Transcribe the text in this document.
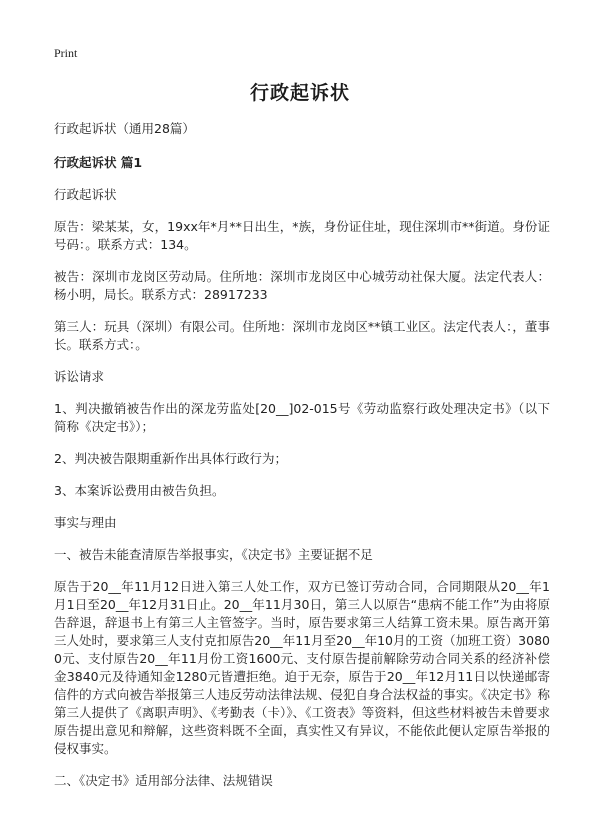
Print
行政起诉状

行政起诉状（通用28篇）

行政起诉状 篇1

行政起诉状

原告：梁某某，女，19xx年*月**日出生，*族，身份证住址，现住深圳市**街道。身份证号码：。联系方式：134。

被告：深圳市龙岗区劳动局。住所地：深圳市龙岗区中心城劳动社保大厦。法定代表人：杨小明，局长。联系方式：28917233

第三人：玩具（深圳）有限公司。住所地：深圳市龙岗区**镇工业区。法定代表人：，董事长。联系方式：。

诉讼请求

1、判决撤销被告作出的深龙劳监处[20__]02-015号《劳动监察行政处理决定书》（以下简称《决定书》）；

2、判决被告限期重新作出具体行政行为；

3、本案诉讼费用由被告负担。

事实与理由

一、被告未能查清原告举报事实，《决定书》主要证据不足

原告于20__年11月12日进入第三人处工作，双方已签订劳动合同，合同期限从20__年1月1日至20__年12月31日止。20__年11月30日，第三人以原告“患病不能工作”为由将原告辞退，辞退书上有第三人主管签字。当时，原告要求第三人结算工资未果。原告离开第三人处时，要求第三人支付克扣原告20__年11月至20__年10月的工资（加班工资）30800元、支付原告20__年11月份工资1600元、支付原告提前解除劳动合同关系的经济补偿金3840元及待通知金1280元皆遭拒绝。迫于无奈，原告于20__年12月11日以快递邮寄信件的方式向被告举报第三人违反劳动法律法规、侵犯自身合法权益的事实。《决定书》称第三人提供了《离职声明》、《考勤表（卡）》、《工资表》等资料，但这些材料被告未曾要求原告提出意见和辩解，这些资料既不全面，真实性又有异议，不能依此便认定原告举报的侵权事实。

二、《决定书》适用部分法律、法规错误
